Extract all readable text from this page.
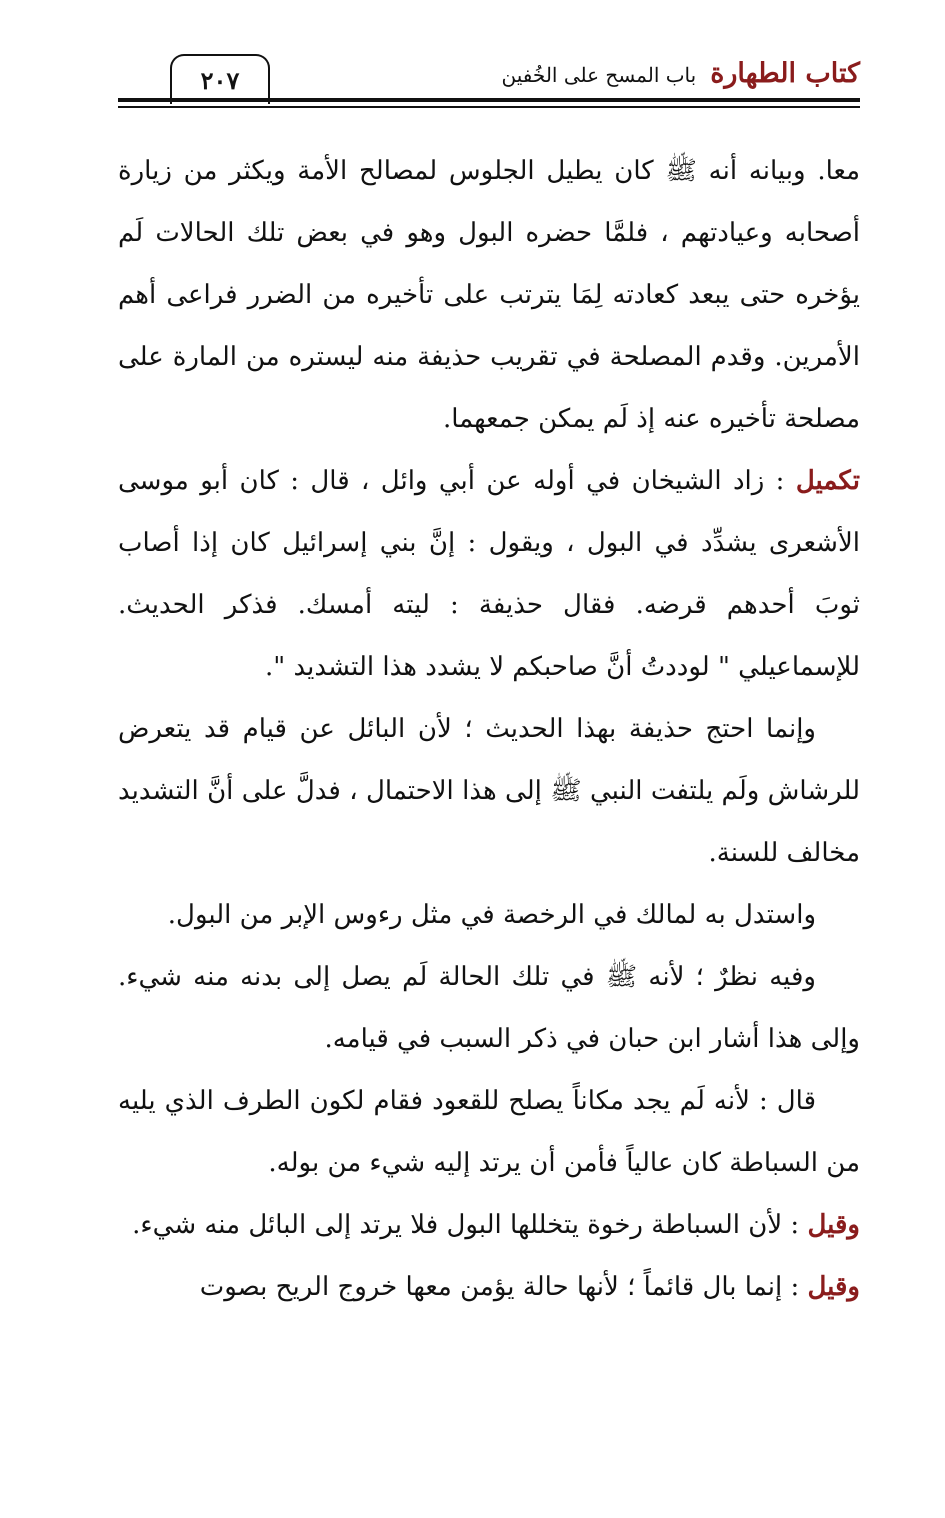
٢٠٧	كتاب الطهارةباب المسح على الخُفين

معا. وبيانه أنه ﷺ كان يطيل الجلوس لمصالح الأمة ويكثر من زيارة أصحابه وعيادتهم ، فلمَّا حضره البول وهو في بعض تلك الحالات لَم يؤخره حتى يبعد كعادته لِمَا يترتب على تأخيره من الضرر فراعى أهم الأمرين. وقدم المصلحة في تقريب حذيفة منه ليستره من المارة على مصلحة تأخيره عنه إذ لَم يمكن جمعهما.

تكميل : زاد الشيخان في أوله عن أبي وائل ، قال : كان أبو موسى الأشعرى يشدِّد في البول ، ويقول : إنَّ بني إسرائيل كان إذا أصاب ثوبَ أحدهم قرضه. فقال حذيفة : ليته أمسك. فذكر الحديث. للإسماعيلي " لوددتُ أنَّ صاحبكم لا يشدد هذا التشديد ".

وإنما احتج حذيفة بهذا الحديث ؛ لأن البائل عن قيام قد يتعرض للرشاش ولَم يلتفت النبي ﷺ إلى هذا الاحتمال ، فدلَّ على أنَّ التشديد مخالف للسنة.

واستدل به لمالك في الرخصة في مثل رءوس الإبر من البول.

وفيه نظرٌ ؛ لأنه ﷺ في تلك الحالة لَم يصل إلى بدنه منه شيء. وإلى هذا أشار ابن حبان في ذكر السبب في قيامه.

قال : لأنه لَم يجد مكاناً يصلح للقعود فقام لكون الطرف الذي يليه من السباطة كان عالياً فأمن أن يرتد إليه شيء من بوله.

وقيل : لأن السباطة رخوة يتخللها البول فلا يرتد إلى البائل منه شيء.

وقيل : إنما بال قائماً ؛ لأنها حالة يؤمن معها خروج الريح بصوت
